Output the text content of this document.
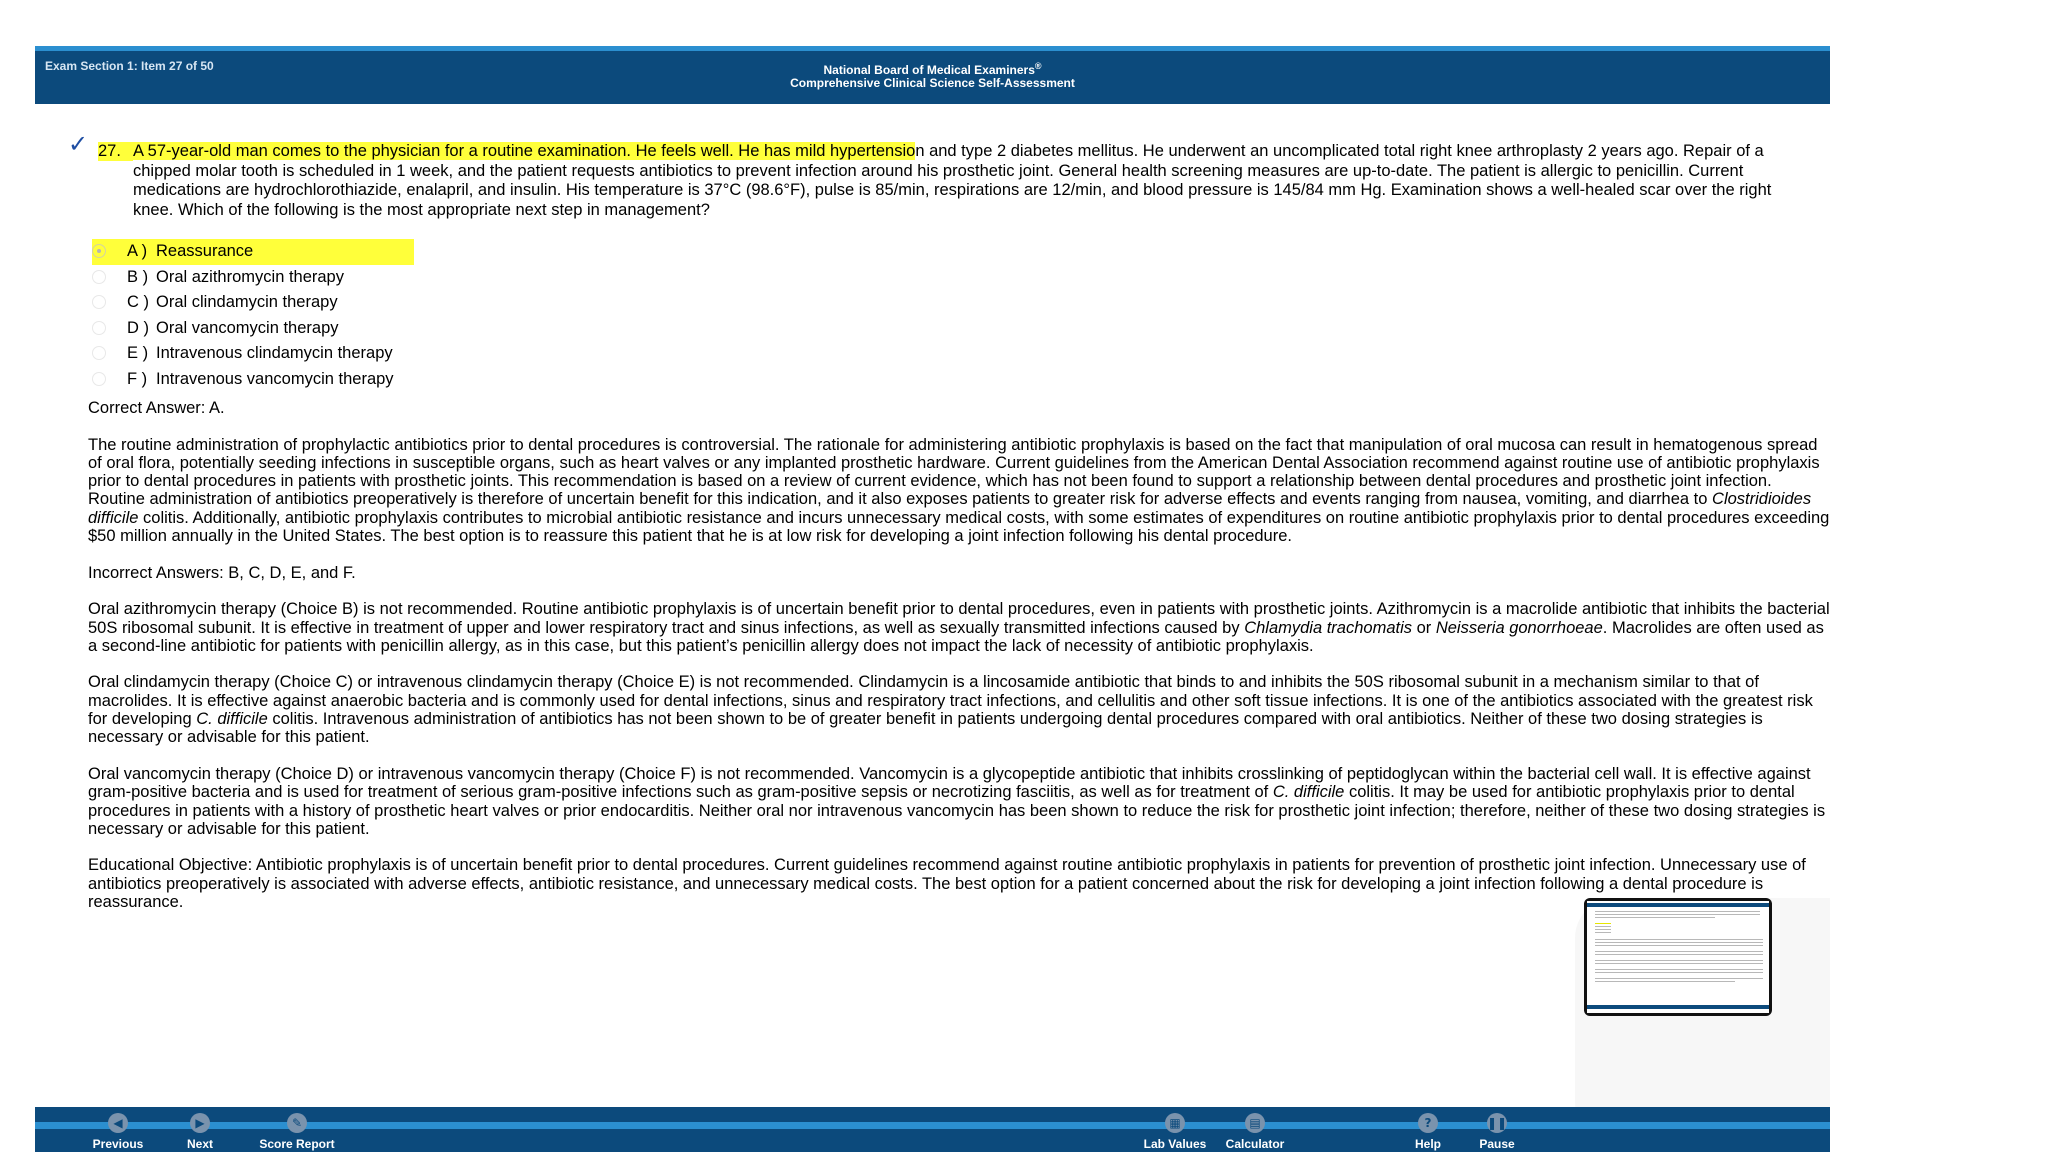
Exam Section 1: Item 27 of 50	National Board of Medical Examiners®
Comprehensive Clinical Science Self-Assessment
✓ 27. A 57-year-old man comes to the physician for a routine examination. He feels well. He has mild hypertension and type 2 diabetes mellitus. He underwent an uncomplicated total right knee arthroplasty 2 years ago. Repair of a chipped molar tooth is scheduled in 1 week, and the patient requests antibiotics to prevent infection around his prosthetic joint. General health screening measures are up-to-date. The patient is allergic to penicillin. Current medications are hydrochlorothiazide, enalapril, and insulin. His temperature is 37°C (98.6°F), pulse is 85/min, respirations are 12/min, and blood pressure is 145/84 mm Hg. Examination shows a well-healed scar over the right knee. Which of the following is the most appropriate next step in management?
A ) Reassurance
B ) Oral azithromycin therapy
C ) Oral clindamycin therapy
D ) Oral vancomycin therapy
E ) Intravenous clindamycin therapy
F ) Intravenous vancomycin therapy

Correct Answer: A.

The routine administration of prophylactic antibiotics prior to dental procedures is controversial. The rationale for administering antibiotic prophylaxis is based on the fact that manipulation of oral mucosa can result in hematogenous spread of oral flora, potentially seeding infections in susceptible organs, such as heart valves or any implanted prosthetic hardware. Current guidelines from the American Dental Association recommend against routine use of antibiotic prophylaxis prior to dental procedures in patients with prosthetic joints. This recommendation is based on a review of current evidence, which has not been found to support a relationship between dental procedures and prosthetic joint infection. Routine administration of antibiotics preoperatively is therefore of uncertain benefit for this indication, and it also exposes patients to greater risk for adverse effects and events ranging from nausea, vomiting, and diarrhea to Clostridioides difficile colitis. Additionally, antibiotic prophylaxis contributes to microbial antibiotic resistance and incurs unnecessary medical costs, with some estimates of expenditures on routine antibiotic prophylaxis prior to dental procedures exceeding $50 million annually in the United States. The best option is to reassure this patient that he is at low risk for developing a joint infection following his dental procedure.

Incorrect Answers: B, C, D, E, and F.

Oral azithromycin therapy (Choice B) is not recommended. Routine antibiotic prophylaxis is of uncertain benefit prior to dental procedures, even in patients with prosthetic joints. Azithromycin is a macrolide antibiotic that inhibits the bacterial 50S ribosomal subunit. It is effective in treatment of upper and lower respiratory tract and sinus infections, as well as sexually transmitted infections caused by Chlamydia trachomatis or Neisseria gonorrhoeae. Macrolides are often used as a second-line antibiotic for patients with penicillin allergy, as in this case, but this patient’s penicillin allergy does not impact the lack of necessity of antibiotic prophylaxis.

Oral clindamycin therapy (Choice C) or intravenous clindamycin therapy (Choice E) is not recommended. Clindamycin is a lincosamide antibiotic that binds to and inhibits the 50S ribosomal subunit in a mechanism similar to that of macrolides. It is effective against anaerobic bacteria and is commonly used for dental infections, sinus and respiratory tract infections, and cellulitis and other soft tissue infections. It is one of the antibiotics associated with the greatest risk for developing C. difficile colitis. Intravenous administration of antibiotics has not been shown to be of greater benefit in patients undergoing dental procedures compared with oral antibiotics. Neither of these two dosing strategies is necessary or advisable for this patient.

Oral vancomycin therapy (Choice D) or intravenous vancomycin therapy (Choice F) is not recommended. Vancomycin is a glycopeptide antibiotic that inhibits crosslinking of peptidoglycan within the bacterial cell wall. It is effective against gram-positive bacteria and is used for treatment of serious gram-positive infections such as gram-positive sepsis or necrotizing fasciitis, as well as for treatment of C. difficile colitis. It may be used for antibiotic prophylaxis prior to dental procedures in patients with a history of prosthetic heart valves or prior endocarditis. Neither oral nor intravenous vancomycin has been shown to reduce the risk for prosthetic joint infection; therefore, neither of these two dosing strategies is necessary or advisable for this patient.

Educational Objective: Antibiotic prophylaxis is of uncertain benefit prior to dental procedures. Current guidelines recommend against routine antibiotic prophylaxis in patients for prevention of prosthetic joint infection. Unnecessary use of antibiotics preoperatively is associated with adverse effects, antibiotic resistance, and unnecessary medical costs. The best option for a patient concerned about the risk for developing a joint infection following a dental procedure is reassurance.

◀
Previous
▶
Next
✎
Score Report
▦
Lab Values
▤
Calculator
?
Help
❚❚
Pause
